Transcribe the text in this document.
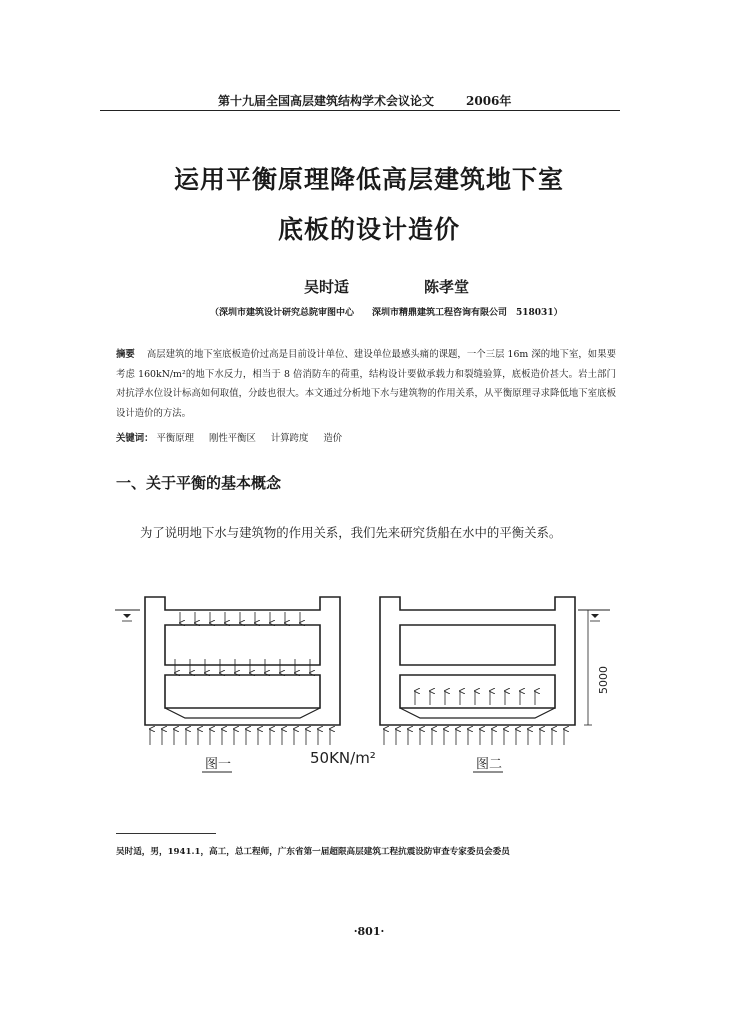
第十九届全国高层建筑结构学术会议论文	2006年
运用平衡原理降低高层建筑地下室
底板的设计造价
吴时适	陈孝堂
（深圳市建筑设计研究总院审图中心　　深圳市精鼎建筑工程咨询有限公司　518031）
摘要 高层建筑的地下室底板造价过高是目前设计单位、建设单位最感头痛的课题，一个三层 16m 深的地下室，如果要考虑 160kN/m²的地下水反力，相当于 8 倍消防车的荷重，结构设计要做承载力和裂缝验算，底板造价甚大。岩土部门对抗浮水位设计标高如何取值，分歧也很大。本文通过分析地下水与建筑物的作用关系，从平衡原理寻求降低地下室底板设计造价的方法。
关键词： 平衡原理 刚性平衡区 计算跨度 造价
一、关于平衡的基本概念
为了说明地下水与建筑物的作用关系，我们先来研究货船在水中的平衡关系。
图一	50KN/m²
5000
图二
吴时适，男，1941.1，高工，总工程师，广东省第一届超限高层建筑工程抗震设防审查专家委员会委员
·801·
